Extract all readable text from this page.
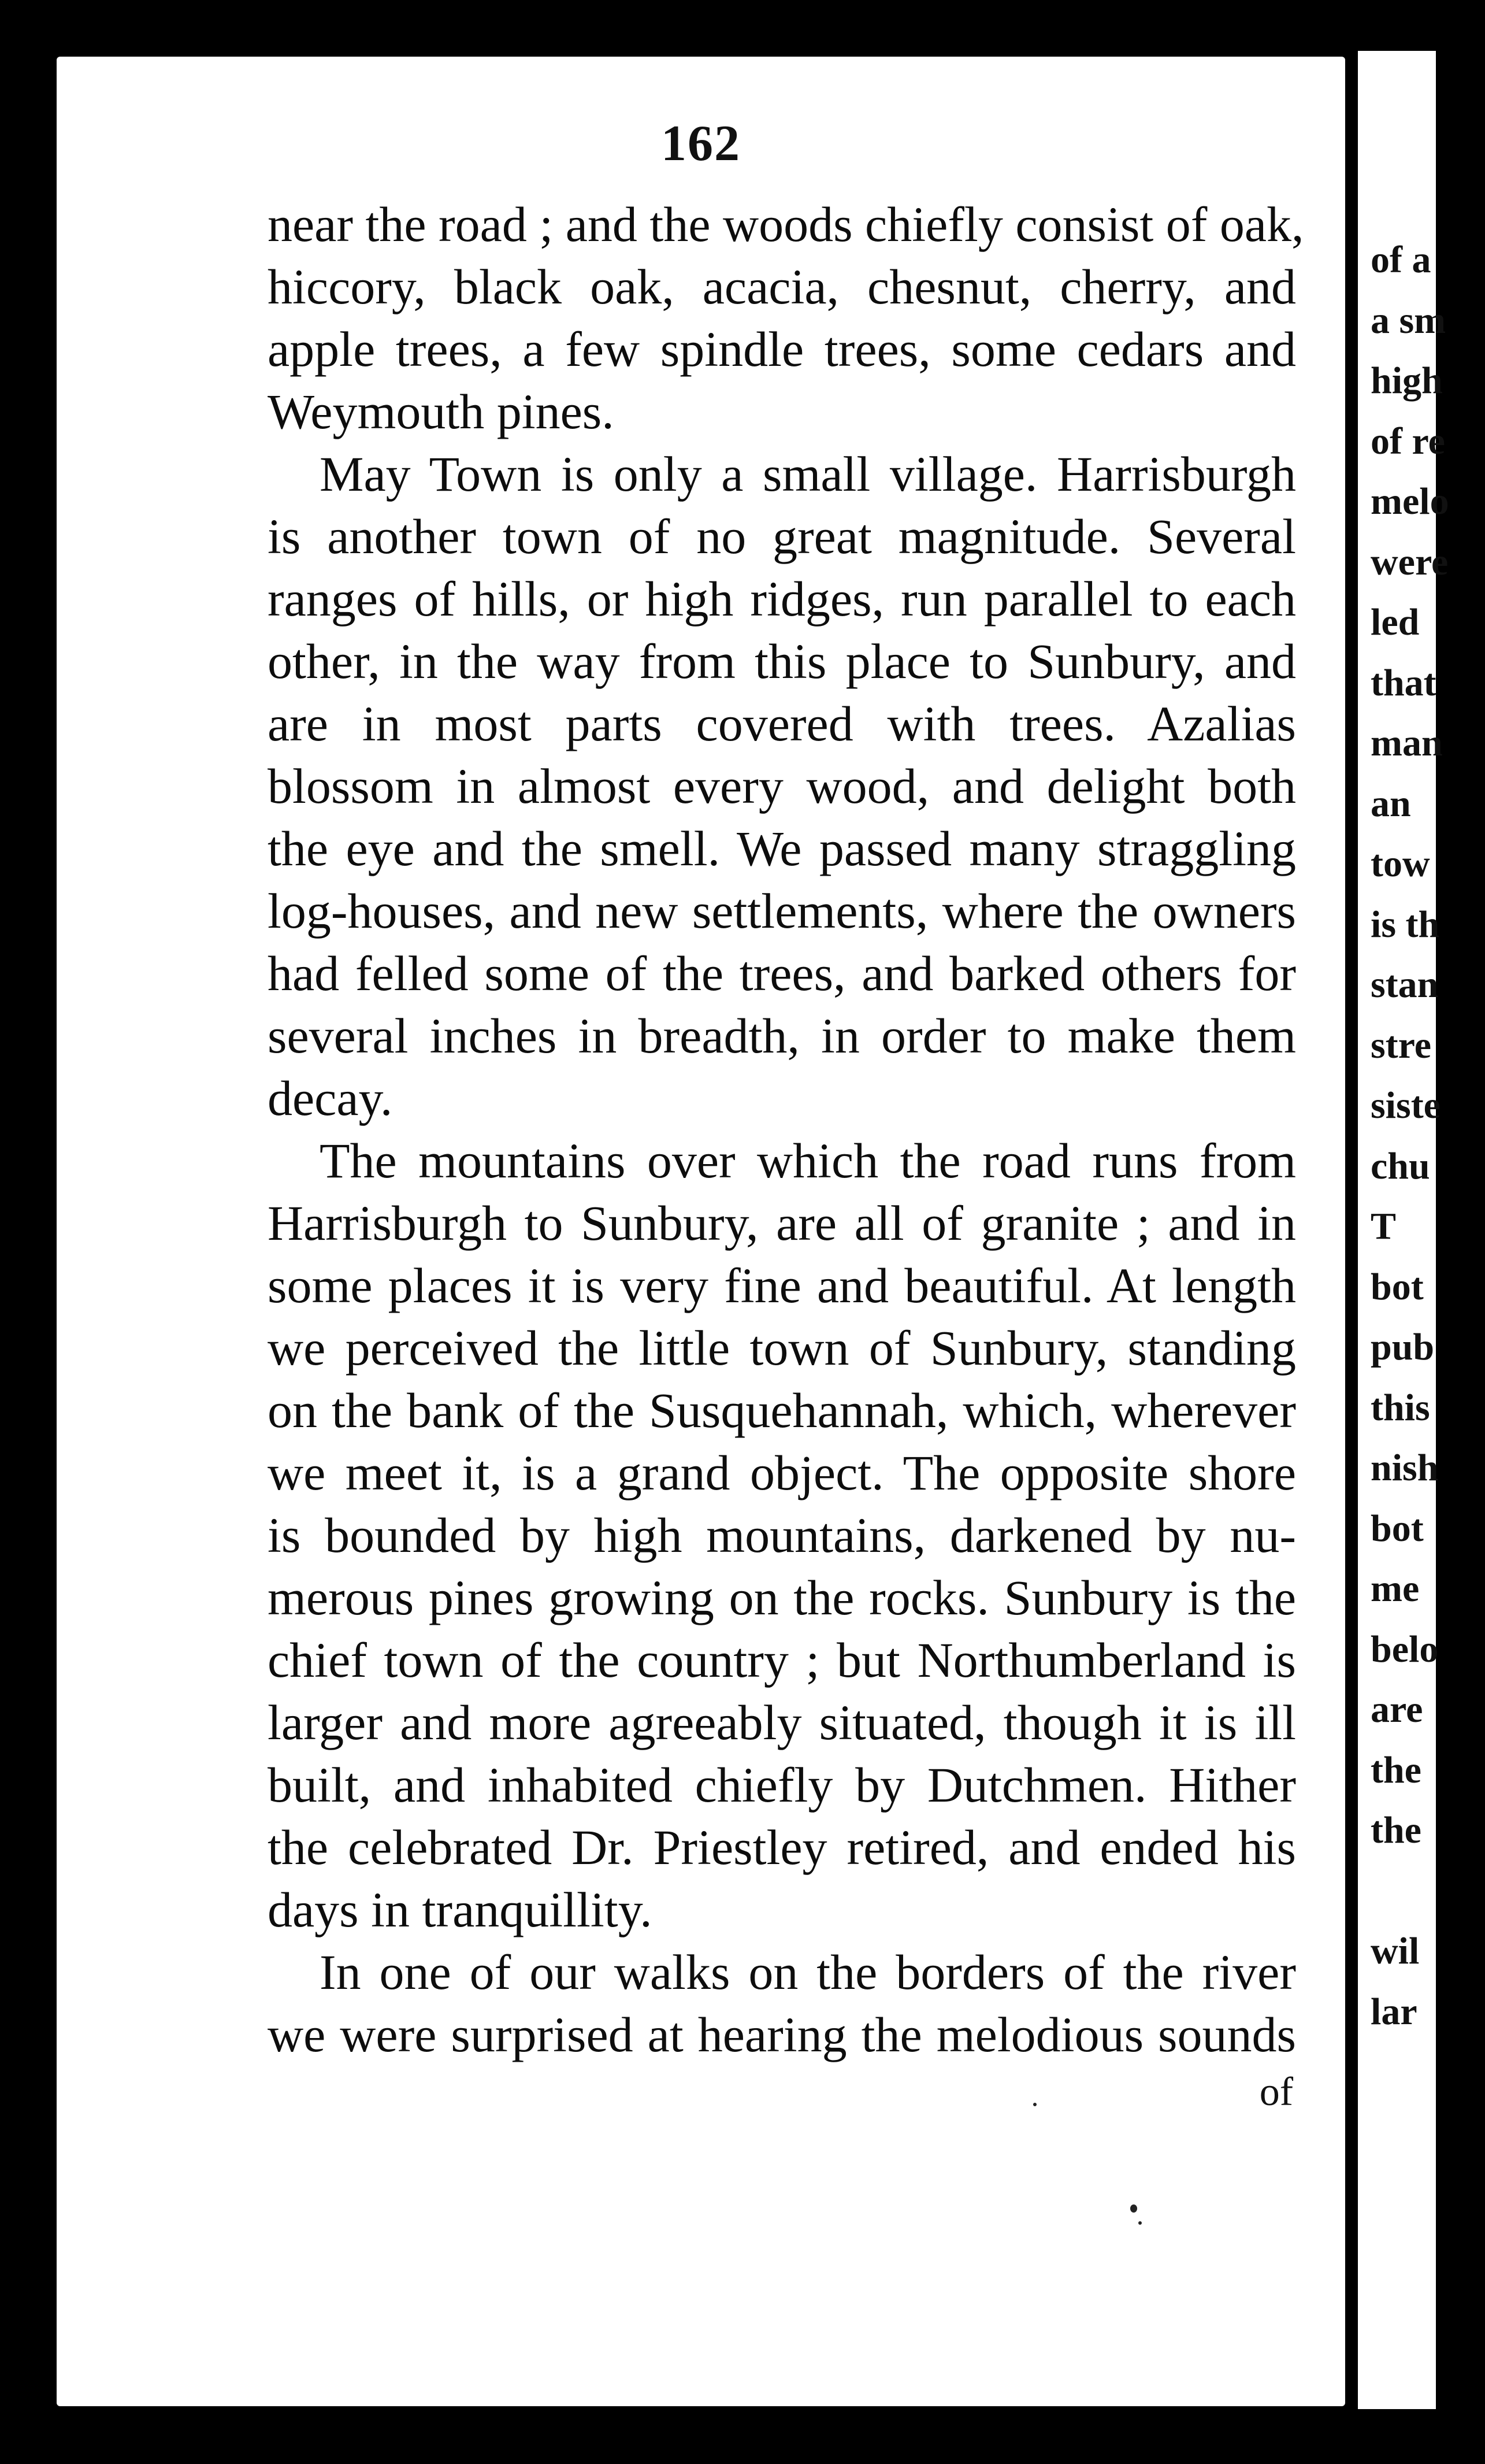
162
near the road ; and the woods chiefly consist of oak,
hiccory, black oak, acacia, chesnut, cherry, and
apple trees, a few spindle trees, some cedars and
Weymouth pines.
May Town is only a small village. Harrisburgh
is another town of no great magnitude. Several
ranges of hills, or high ridges, run parallel to each
other, in the way from this place to Sunbury, and
are in most parts covered with trees. Azalias
blossom in almost every wood, and delight both
the eye and the smell. We passed many straggling
log-houses, and new settlements, where the owners
had felled some of the trees, and barked others for
several inches in breadth, in order to make them
decay.
The mountains over which the road runs from
Harrisburgh to Sunbury, are all of granite ; and in
some places it is very fine and beautiful. At length
we perceived the little town of Sunbury, standing
on the bank of the Susquehannah, which, wherever
we meet it, is a grand object. The opposite shore
is bounded by high mountains, darkened by nu-
merous pines growing on the rocks. Sunbury is the
chief town of the country ; but Northumberland is
larger and more agreeably situated, though it is ill
built, and inhabited chiefly by Dutchmen. Hither
the celebrated Dr. Priestley retired, and ended his
days in tranquillity.
In one of our walks on the borders of the river
we were surprised at hearing the melodious sounds
of
of a
a sm
high
of re
melo
were
led
that
man
an
tow
is th
stan
stre
siste
chu
T
bot
pub
this
nish
bot
me
belo
are
the
the
wil
lar
